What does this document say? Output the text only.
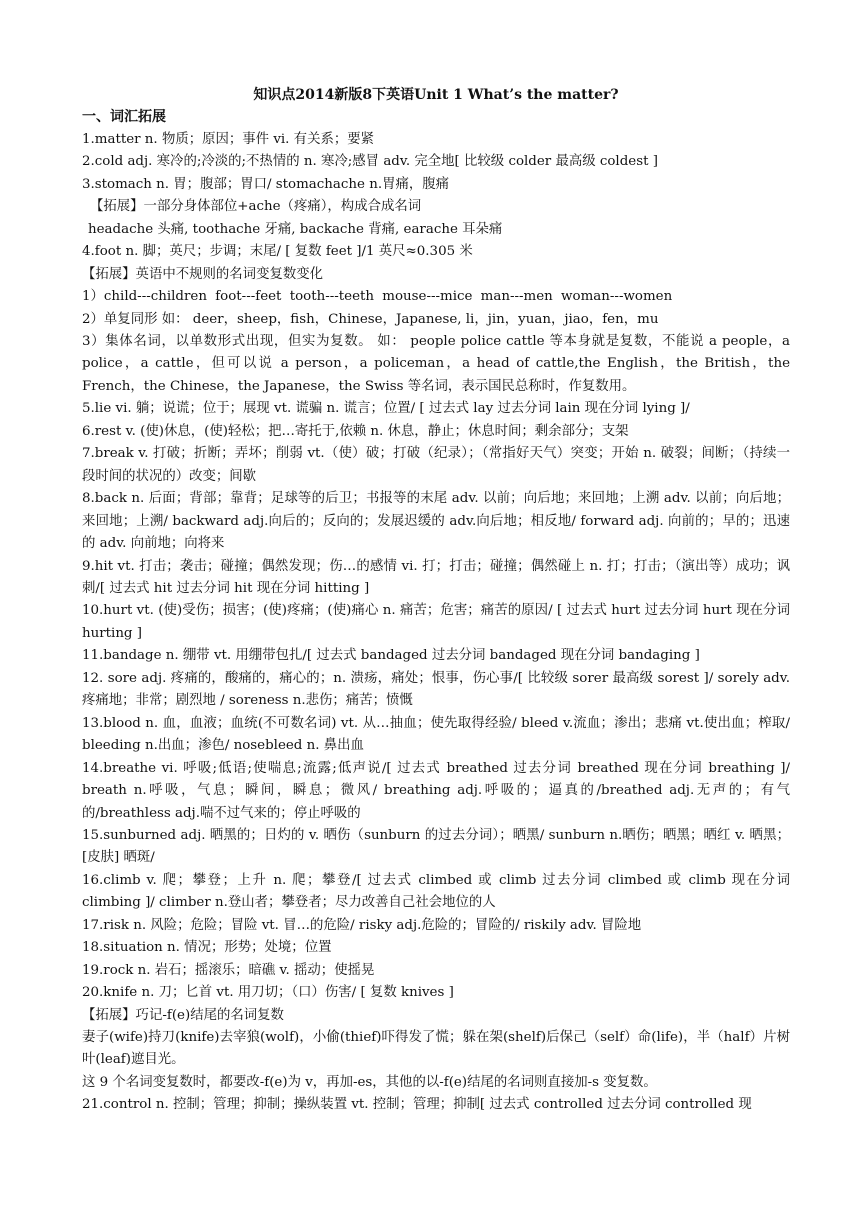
知识点2014新版8下英语Unit 1 What’s the matter?

一、词汇拓展

1.matter n. 物质；原因；事件 vi. 有关系；要紧

2.cold adj. 寒冷的;冷淡的;不热情的 n. 寒冷;感冒 adv. 完全地[ 比较级 colder 最高级 coldest ]

3.stomach n. 胃；腹部；胃口/ stomachache n.胃痛，腹痛

【拓展】一部分身体部位+ache（疼痛），构成合成名词

headache 头痛, toothache 牙痛, backache 背痛, earache 耳朵痛

4.foot n. 脚；英尺；步调；末尾/ [ 复数 feet ]/1 英尺≈0.305 米

【拓展】英语中不规则的名词变复数变化

1）child---children foot---feet tooth---teeth mouse---mice man---men woman---women

2）单复同形 如： deer，sheep，fish，Chinese，Japanese, li，jin，yuan，jiao，fen，mu

3）集体名词，以单数形式出现，但实为复数。 如： people police cattle 等本身就是复数，不能说 a people，a police，a cattle，但可以说 a person，a policeman，a head of cattle,the English，the British，the French，the Chinese，the Japanese，the Swiss 等名词，表示国民总称时，作复数用。

5.lie vi. 躺；说谎；位于；展现 vt. 谎骗 n. 谎言；位置/ [ 过去式 lay 过去分词 lain 现在分词 lying ]/

6.rest v. (使)休息，(使)轻松；把…寄托于,依赖 n. 休息，静止；休息时间；剩余部分；支架

7.break v. 打破；折断；弄坏；削弱 vt.（使）破；打破（纪录）；（常指好天气）突变；开始 n. 破裂；间断；（持续一段时间的状况的）改变；间歇

8.back n. 后面；背部；靠背；足球等的后卫；书报等的末尾 adv. 以前；向后地；来回地；上溯 adv. 以前；向后地；来回地；上溯/ backward adj.向后的；反向的；发展迟缓的 adv.向后地；相反地/ forward adj. 向前的；早的；迅速的 adv. 向前地；向将来

9.hit vt. 打击；袭击；碰撞；偶然发现；伤…的感情 vi. 打；打击；碰撞；偶然碰上 n. 打；打击；（演出等）成功；讽刺/[ 过去式 hit 过去分词 hit 现在分词 hitting ]

10.hurt vt. (使)受伤；损害；(使)疼痛；(使)痛心 n. 痛苦；危害；痛苦的原因/ [ 过去式 hurt 过去分词 hurt 现在分词 hurting ]

11.bandage n. 绷带 vt. 用绷带包扎/[ 过去式 bandaged 过去分词 bandaged 现在分词 bandaging ]

12. sore adj. 疼痛的，酸痛的，痛心的；n. 溃疡，痛处；恨事，伤心事/[ 比较级 sorer 最高级 sorest ]/ sorely adv.疼痛地；非常；剧烈地 / soreness n.悲伤；痛苦；愤慨

13.blood n. 血，血液；血统(不可数名词) vt. 从…抽血；使先取得经验/ bleed v.流血；渗出；悲痛 vt.使出血；榨取/ bleeding n.出血；渗色/ nosebleed n. 鼻出血

14.breathe vi. 呼吸;低语;使喘息;流露;低声说/[ 过去式 breathed 过去分词 breathed 现在分词 breathing ]/ breath n.呼吸，气息；瞬间，瞬息；微风/ breathing adj.呼吸的；逼真的/breathed adj.无声的；有气的/breathless adj.喘不过气来的；停止呼吸的

15.sunburned adj. 晒黑的；日灼的 v. 晒伤（sunburn 的过去分词）；晒黑/ sunburn n.晒伤；晒黑；晒红 v. 晒黑；[皮肤] 晒斑/

16.climb v. 爬；攀登；上升 n. 爬；攀登/[ 过去式 climbed 或 climb 过去分词 climbed 或 climb 现在分词 climbing ]/ climber n.登山者；攀登者；尽力改善自己社会地位的人

17.risk n. 风险；危险；冒险 vt. 冒…的危险/ risky adj.危险的；冒险的/ riskily adv. 冒险地

18.situation n. 情况；形势；处境；位置

19.rock n. 岩石；摇滚乐；暗礁 v. 摇动；使摇晃

20.knife n. 刀；匕首 vt. 用刀切；（口）伤害/ [ 复数 knives ]

【拓展】巧记-f(e)结尾的名词复数

妻子(wife)持刀(knife)去宰狼(wolf)，小偷(thief)吓得发了慌；躲在架(shelf)后保己（self）命(life)，半（half）片树叶(leaf)遮目光。

这 9 个名词变复数时，都要改-f(e)为 v，再加-es，其他的以-f(e)结尾的名词则直接加-s 变复数。

21.control n. 控制；管理；抑制；操纵装置 vt. 控制；管理；抑制[ 过去式 controlled 过去分词 controlled 现
